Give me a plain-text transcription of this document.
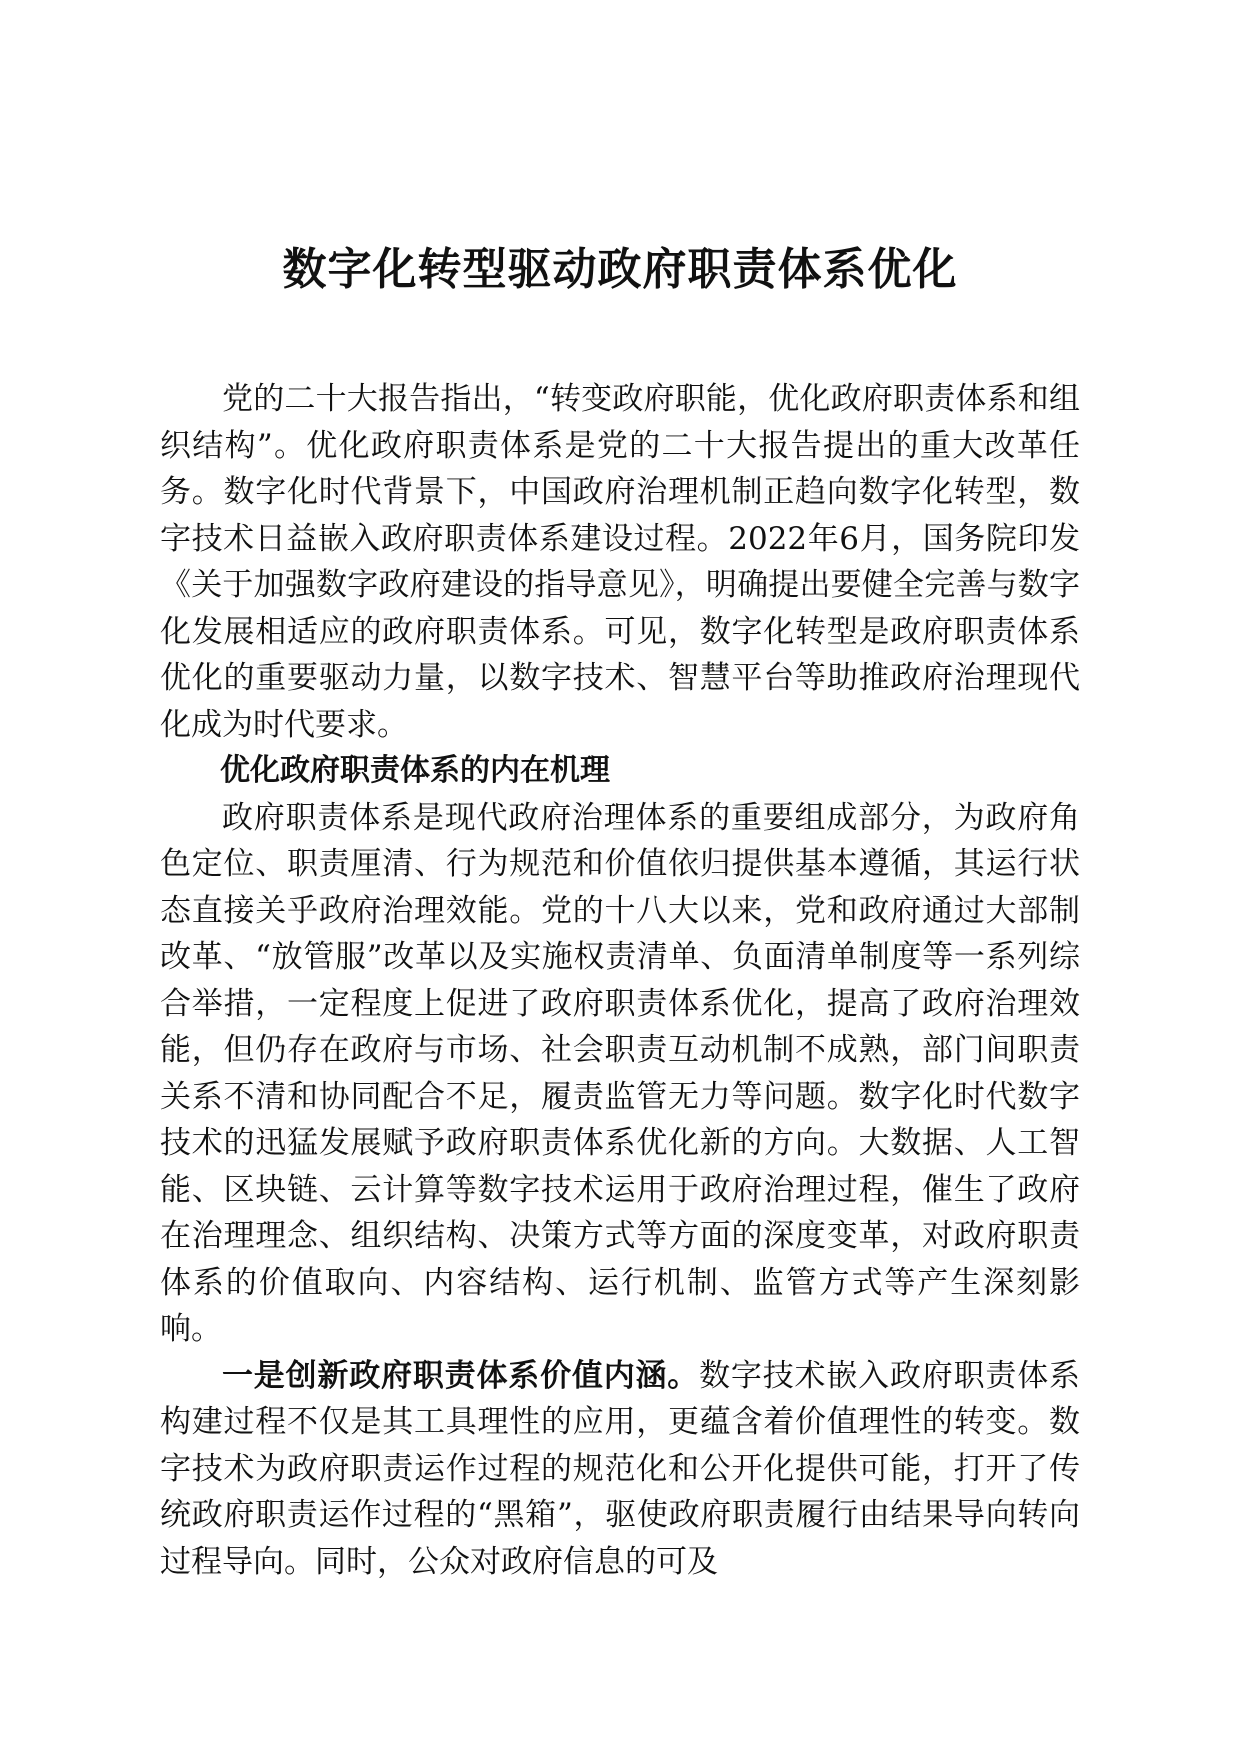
数字化转型驱动政府职责体系优化

党的二十大报告指出，“转变政府职能，优化政府职责体系和组织结构”。优化政府职责体系是党的二十大报告提出的重大改革任务。数字化时代背景下，中国政府治理机制正趋向数字化转型，数字技术日益嵌入政府职责体系建设过程。2022年6月，国务院印发《关于加强数字政府建设的指导意见》，明确提出要健全完善与数字化发展相适应的政府职责体系。可见，数字化转型是政府职责体系优化的重要驱动力量，以数字技术、智慧平台等助推政府治理现代化成为时代要求。

优化政府职责体系的内在机理

政府职责体系是现代政府治理体系的重要组成部分，为政府角色定位、职责厘清、行为规范和价值依归提供基本遵循，其运行状态直接关乎政府治理效能。党的十八大以来，党和政府通过大部制改革、“放管服”改革以及实施权责清单、负面清单制度等一系列综合举措，一定程度上促进了政府职责体系优化，提高了政府治理效能，但仍存在政府与市场、社会职责互动机制不成熟，部门间职责关系不清和协同配合不足，履责监管无力等问题。数字化时代数字技术的迅猛发展赋予政府职责体系优化新的方向。大数据、人工智能、区块链、云计算等数字技术运用于政府治理过程，催生了政府在治理理念、组织结构、决策方式等方面的深度变革，对政府职责体系的价值取向、内容结构、运行机制、监管方式等产生深刻影响。

一是创新政府职责体系价值内涵。数字技术嵌入政府职责体系构建过程不仅是其工具理性的应用，更蕴含着价值理性的转变。数字技术为政府职责运作过程的规范化和公开化提供可能，打开了传统政府职责运作过程的“黑箱”，驱使政府职责履行由结果导向转向过程导向。同时，公众对政府信息的可及
